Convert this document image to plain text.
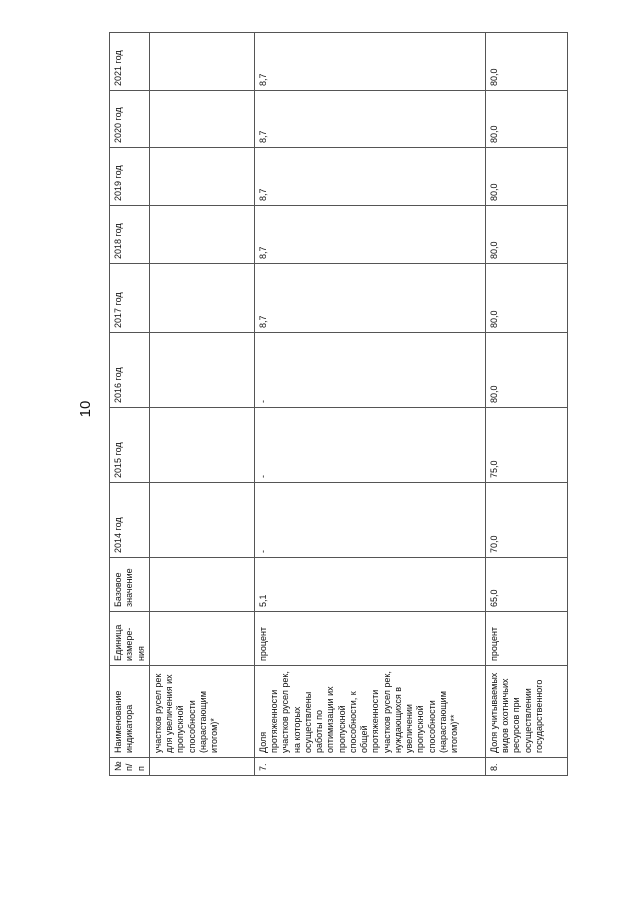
10
№ п/п	Наименование индикатора	Единица измере-ния	Базовое значение	2014 год	2015 год	2016 год	2017 год	2018 год	2019 год	2020 год	2021 год
	участков русел рек для увеличения их пропускной способности (нарастающим итогом)*										
7.	Доля протяженности участков русел рек, на которых осуществлены работы по оптимизации их пропускной способности, к общей протяженности участков русел рек, нуждающихся в увеличении пропускной способности (нарастающим итогом)**	процент	5,1	-	-	-	8,7	8,7	8,7	8,7	8,7
8.	Доля учитываемых видов охотничьих ресурсов при осуществлении государственного	процент	65,0	70,0	75,0	80,0	80,0	80,0	80,0	80,0	80,0
